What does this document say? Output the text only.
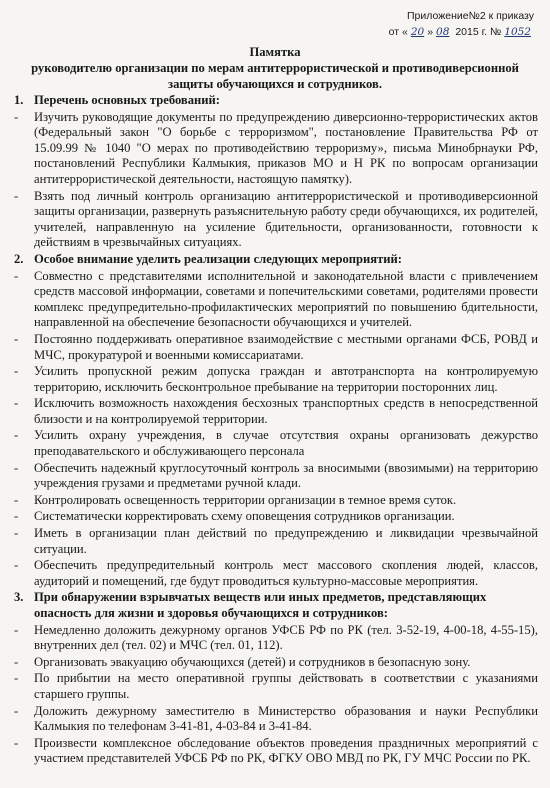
Приложение№2 к приказу
от « 20 » 08 2015 г. № 1052
Памятка
руководителю организации по мерам антитеррористической и противодиверсионной
защиты обучающихся и сотрудников.
1. Перечень основных требований:
- Изучить руководящие документы по предупреждению диверсионно-террористических актов (Федеральный закон "О борьбе с терроризмом", постановление Правительства РФ от 15.09.99 № 1040 "О мерах по противодействию терроризму», письма Минобрнауки РФ, постановлений Республики Калмыкия, приказов МО и Н РК по вопросам организации антитеррористической деятельности, настоящую памятку).
- Взять под личный контроль организацию антитеррористической и противодиверсионной защиты организации, развернуть разъяснительную работу среди обучающихся, их родителей, учителей, направленную на усиление бдительности, организованности, готовности к действиям в чрезвычайных ситуациях.
2. Особое внимание уделить реализации следующих мероприятий:
- Совместно с представителями исполнительной и законодательной власти с привлечением средств массовой информации, советами и попечительскими советами, родителями провести комплекс предупредительно-профилактических мероприятий по повышению бдительности, направленной на обеспечение безопасности обучающихся и учителей.
- Постоянно поддерживать оперативное взаимодействие с местными органами ФСБ, РОВД и МЧС, прокуратурой и военными комиссариатами.
- Усилить пропускной режим допуска граждан и автотранспорта на контролируемую территорию, исключить бесконтрольное пребывание на территории посторонних лиц.
- Исключить возможность нахождения бесхозных транспортных средств в непосредственной близости и на контролируемой территории.
- Усилить охрану учреждения, в случае отсутствия охраны организовать дежурство преподавательского и обслуживающего персонала
- Обеспечить надежный круглосуточный контроль за вносимыми (ввозимыми) на территорию учреждения грузами и предметами ручной клади.
- Контролировать освещенность территории организации в темное время суток.
- Систематически корректировать схему оповещения сотрудников организации.
- Иметь в организации план действий по предупреждению и ликвидации чрезвычайной ситуации.
- Обеспечить предупредительный контроль мест массового скопления людей, классов, аудиторий и помещений, где будут проводиться культурно-массовые мероприятия.
3. При обнаружении взрывчатых веществ или иных предметов, представляющих опасность для жизни и здоровья обучающихся и сотрудников:
- Немедленно доложить дежурному органов УФСБ РФ по РК (тел. 3-52-19, 4-00-18, 4-55-15), внутренних дел (тел. 02) и МЧС (тел. 01, 112).
- Организовать эвакуацию обучающихся (детей) и сотрудников в безопасную зону.
- По прибытии на место оперативной группы действовать в соответствии с указаниями старшего группы.
- Доложить дежурному заместителю в Министерство образования и науки Республики Калмыкия по телефонам 3-41-81, 4-03-84 и 3-41-84.
- Произвести комплексное обследование объектов проведения праздничных мероприятий с участием представителей УФСБ РФ по РК, ФГКУ ОВО МВД по РК, ГУ МЧС России по РК.
